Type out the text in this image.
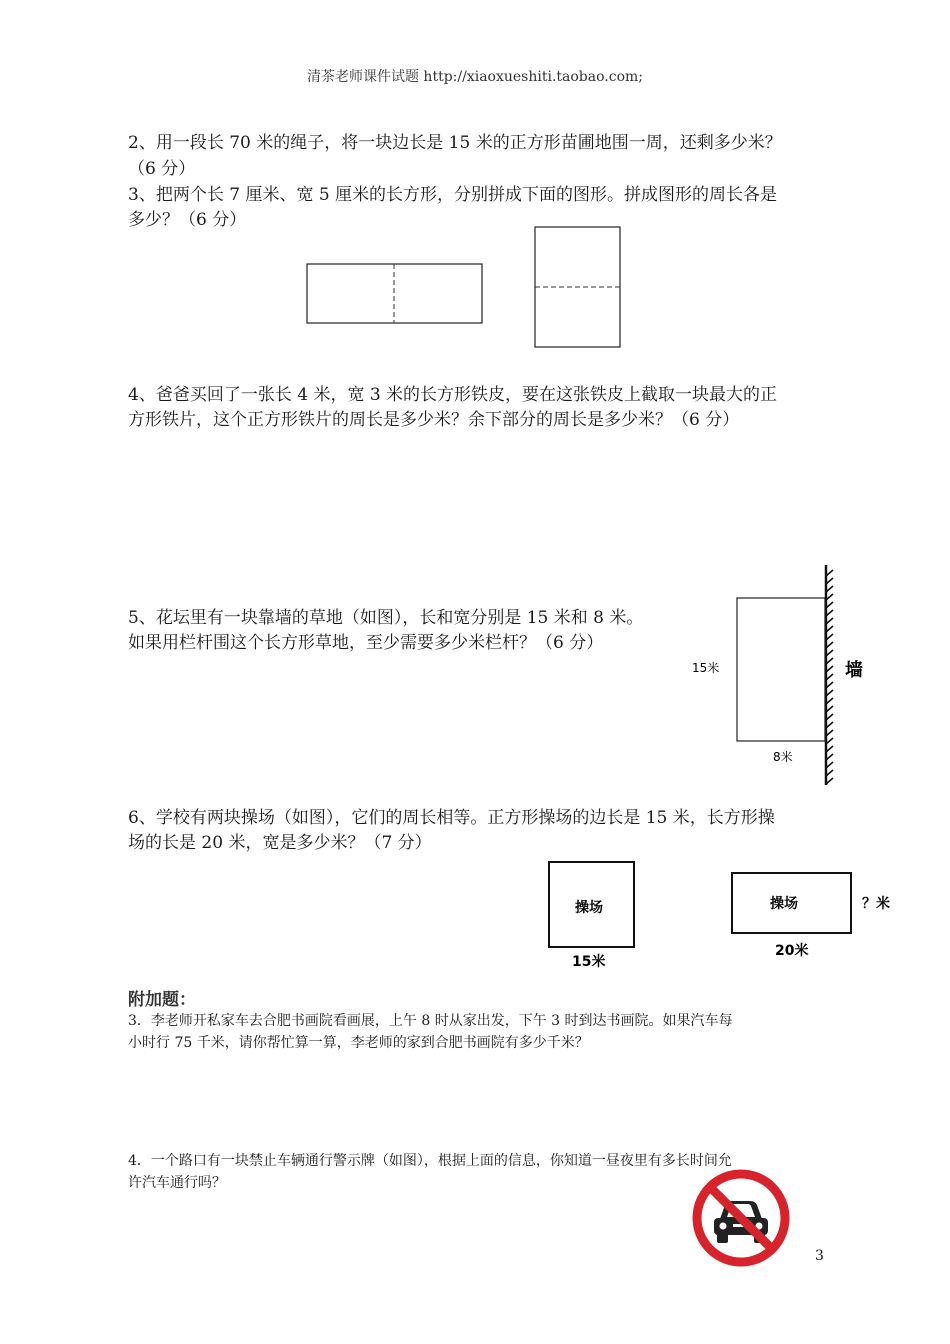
清茶老师课件试题 http://xiaoxueshiti.taobao.com;
2、用一段长 70 米的绳子，将一块边长是 15 米的正方形苗圃地围一周，还剩多少米？
（6 分）
3、把两个长 7 厘米、宽 5 厘米的长方形，分别拼成下面的图形。拼成图形的周长各是
多少？（6 分）
4、爸爸买回了一张长 4 米，宽 3 米的长方形铁皮，要在这张铁皮上截取一块最大的正
方形铁片，这个正方形铁片的周长是多少米？余下部分的周长是多少米？（6 分）
5、花坛里有一块靠墙的草地（如图），长和宽分别是 15 米和 8 米。
如果用栏杆围这个长方形草地，至少需要多少米栏杆？（6 分）
15米
8米
墙
6、学校有两块操场（如图），它们的周长相等。正方形操场的边长是 15 米，长方形操
场的长是 20 米，宽是多少米？（7 分）
操场
15米
操场
20米
？米
附加题：
3．李老师开私家车去合肥书画院看画展，上午 8 时从家出发，下午 3 时到达书画院。如果汽车每
小时行 75 千米，请你帮忙算一算，李老师的家到合肥书画院有多少千米？
4．一个路口有一块禁止车辆通行警示牌（如图），根据上面的信息，你知道一昼夜里有多长时间允
许汽车通行吗？
3
